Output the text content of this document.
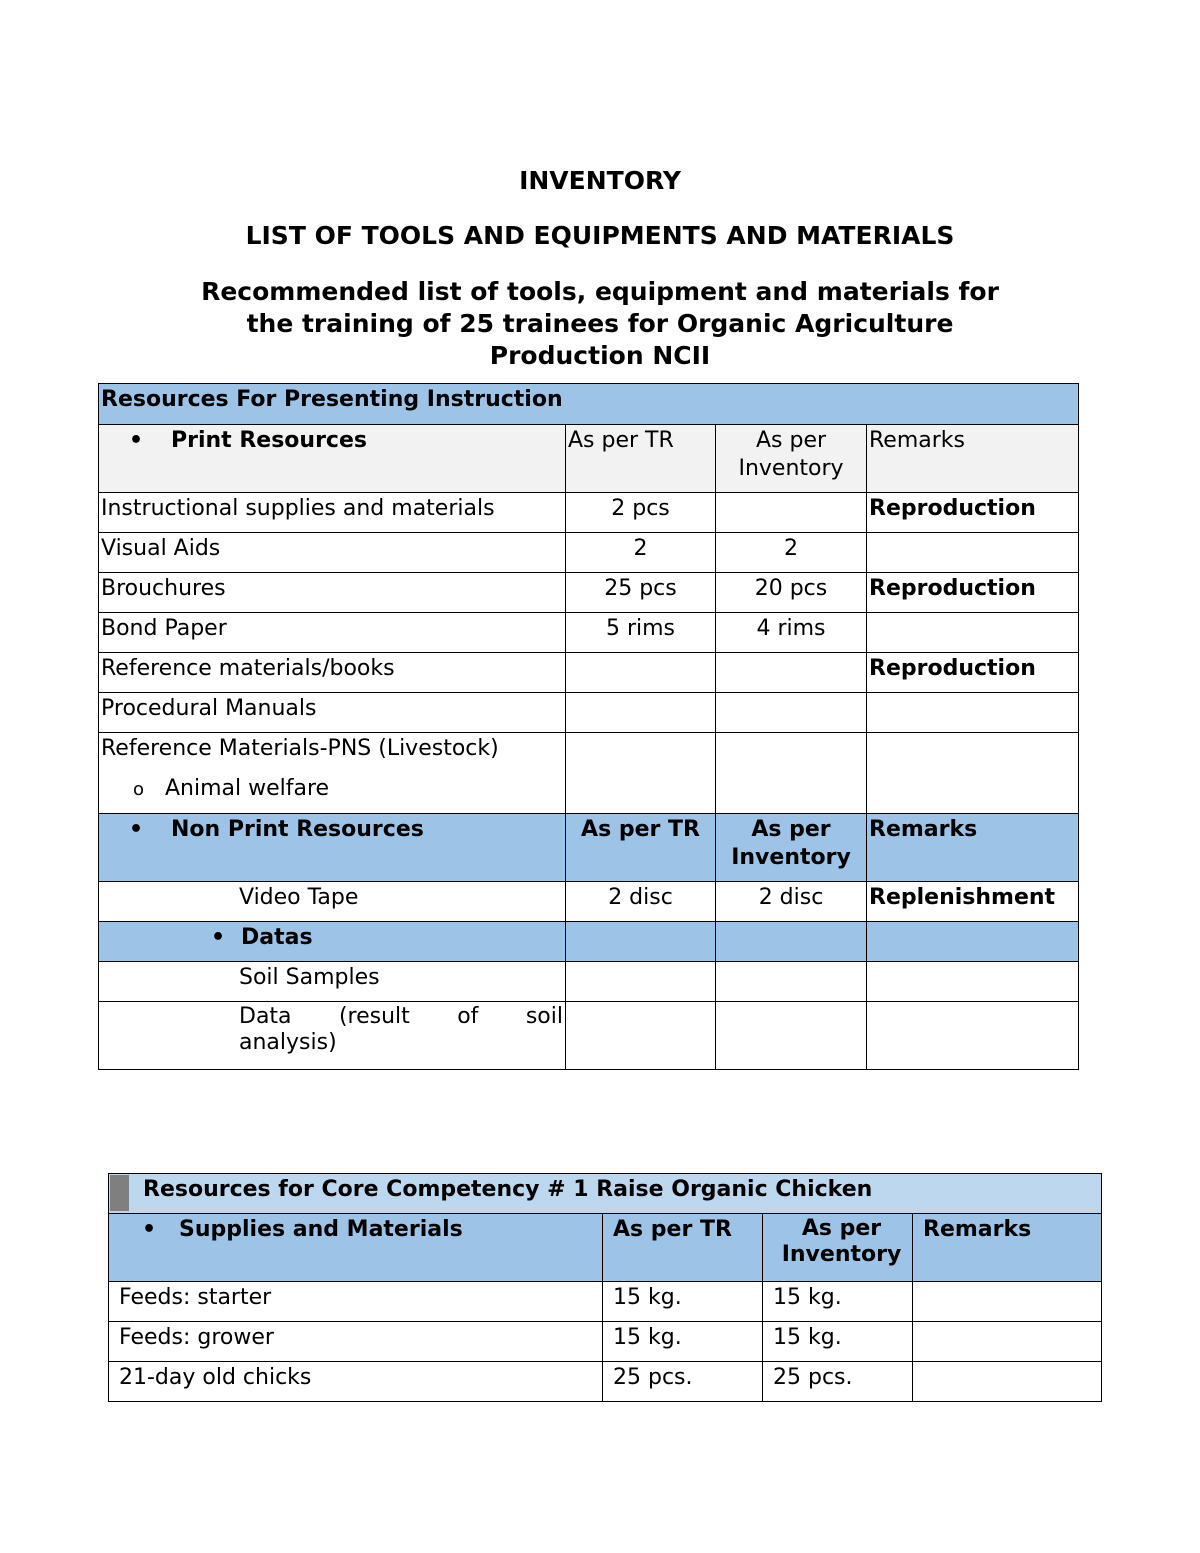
INVENTORY
LIST OF TOOLS AND EQUIPMENTS AND MATERIALS
Recommended list of tools, equipment and materials for
the training of 25 trainees for Organic Agriculture
Production NCII
Resources For Presenting Instruction			
• Print Resources	As per TR	As per Inventory	Remarks
Instructional supplies and materials	2 pcs		Reproduction
Visual Aids	2	2	
Brouchures	25 pcs	20 pcs	Reproduction
Bond Paper	5 rims	4 rims	
Reference materials/books			Reproduction
Procedural Manuals			

Reference Materials-PNS (Livestock)
o Animal welfare			

• Non Print Resources	As per TR	As per Inventory	Remarks
Video Tape	2 disc	2 disc	Replenishment
• Datas			
Soil Samples			

Data (result of soil
analysis)			

Resources for Core Competency # 1 Raise Organic Chicken			
• Supplies and Materials	As per TR	As per Inventory	Remarks
Feeds: starter	15 kg.	15 kg.	
Feeds: grower	15 kg.	15 kg.	
21-day old chicks	25 pcs.	25 pcs.	
